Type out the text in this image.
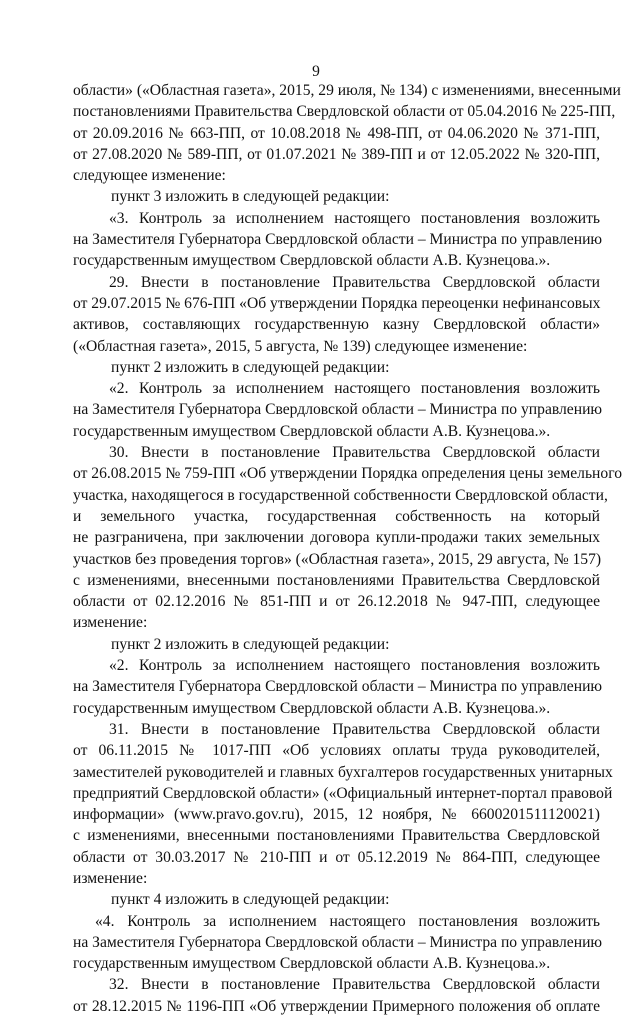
9
области» («Областная газета», 2015, 29 июля, № 134) с изменениями, внесенными
постановлениями Правительства Свердловской области от 05.04.2016 № 225-ПП,
от 20.09.2016 № 663-ПП, от 10.08.2018 № 498-ПП, от 04.06.2020 № 371-ПП,
от 27.08.2020 № 589-ПП, от 01.07.2021 № 389-ПП и от 12.05.2022 № 320-ПП,
следующее изменение:
пункт 3 изложить в следующей редакции:
«3. Контроль за исполнением настоящего постановления возложить
на Заместителя Губернатора Свердловской области – Министра по управлению
государственным имуществом Свердловской области А.В. Кузнецова.».
29. Внести в постановление Правительства Свердловской области
от 29.07.2015 № 676-ПП «Об утверждении Порядка переоценки нефинансовых
активов, составляющих государственную казну Свердловской области»
(«Областная газета», 2015, 5 августа, № 139) следующее изменение:
пункт 2 изложить в следующей редакции:
«2. Контроль за исполнением настоящего постановления возложить
на Заместителя Губернатора Свердловской области – Министра по управлению
государственным имуществом Свердловской области А.В. Кузнецова.».
30. Внести в постановление Правительства Свердловской области
от 26.08.2015 № 759-ПП «Об утверждении Порядка определения цены земельного
участка, находящегося в государственной собственности Свердловской области,
и земельного участка, государственная собственность на который
не разграничена, при заключении договора купли-продажи таких земельных
участков без проведения торгов» («Областная газета», 2015, 29 августа, № 157)
с изменениями, внесенными постановлениями Правительства Свердловской
области от 02.12.2016 № 851-ПП и от 26.12.2018 № 947-ПП, следующее
изменение:
пункт 2 изложить в следующей редакции:
«2. Контроль за исполнением настоящего постановления возложить
на Заместителя Губернатора Свердловской области – Министра по управлению
государственным имуществом Свердловской области А.В. Кузнецова.».
31. Внести в постановление Правительства Свердловской области
от 06.11.2015 № 1017-ПП «Об условиях оплаты труда руководителей,
заместителей руководителей и главных бухгалтеров государственных унитарных
предприятий Свердловской области» («Официальный интернет-портал правовой
информации» (www.pravo.gov.ru), 2015, 12 ноября, № 6600201511120021)
с изменениями, внесенными постановлениями Правительства Свердловской
области от 30.03.2017 № 210-ПП и от 05.12.2019 № 864-ПП, следующее
изменение:
пункт 4 изложить в следующей редакции:
«4. Контроль за исполнением настоящего постановления возложить
на Заместителя Губернатора Свердловской области – Министра по управлению
государственным имуществом Свердловской области А.В. Кузнецова.».
32. Внести в постановление Правительства Свердловской области
от 28.12.2015 № 1196-ПП «Об утверждении Примерного положения об оплате
